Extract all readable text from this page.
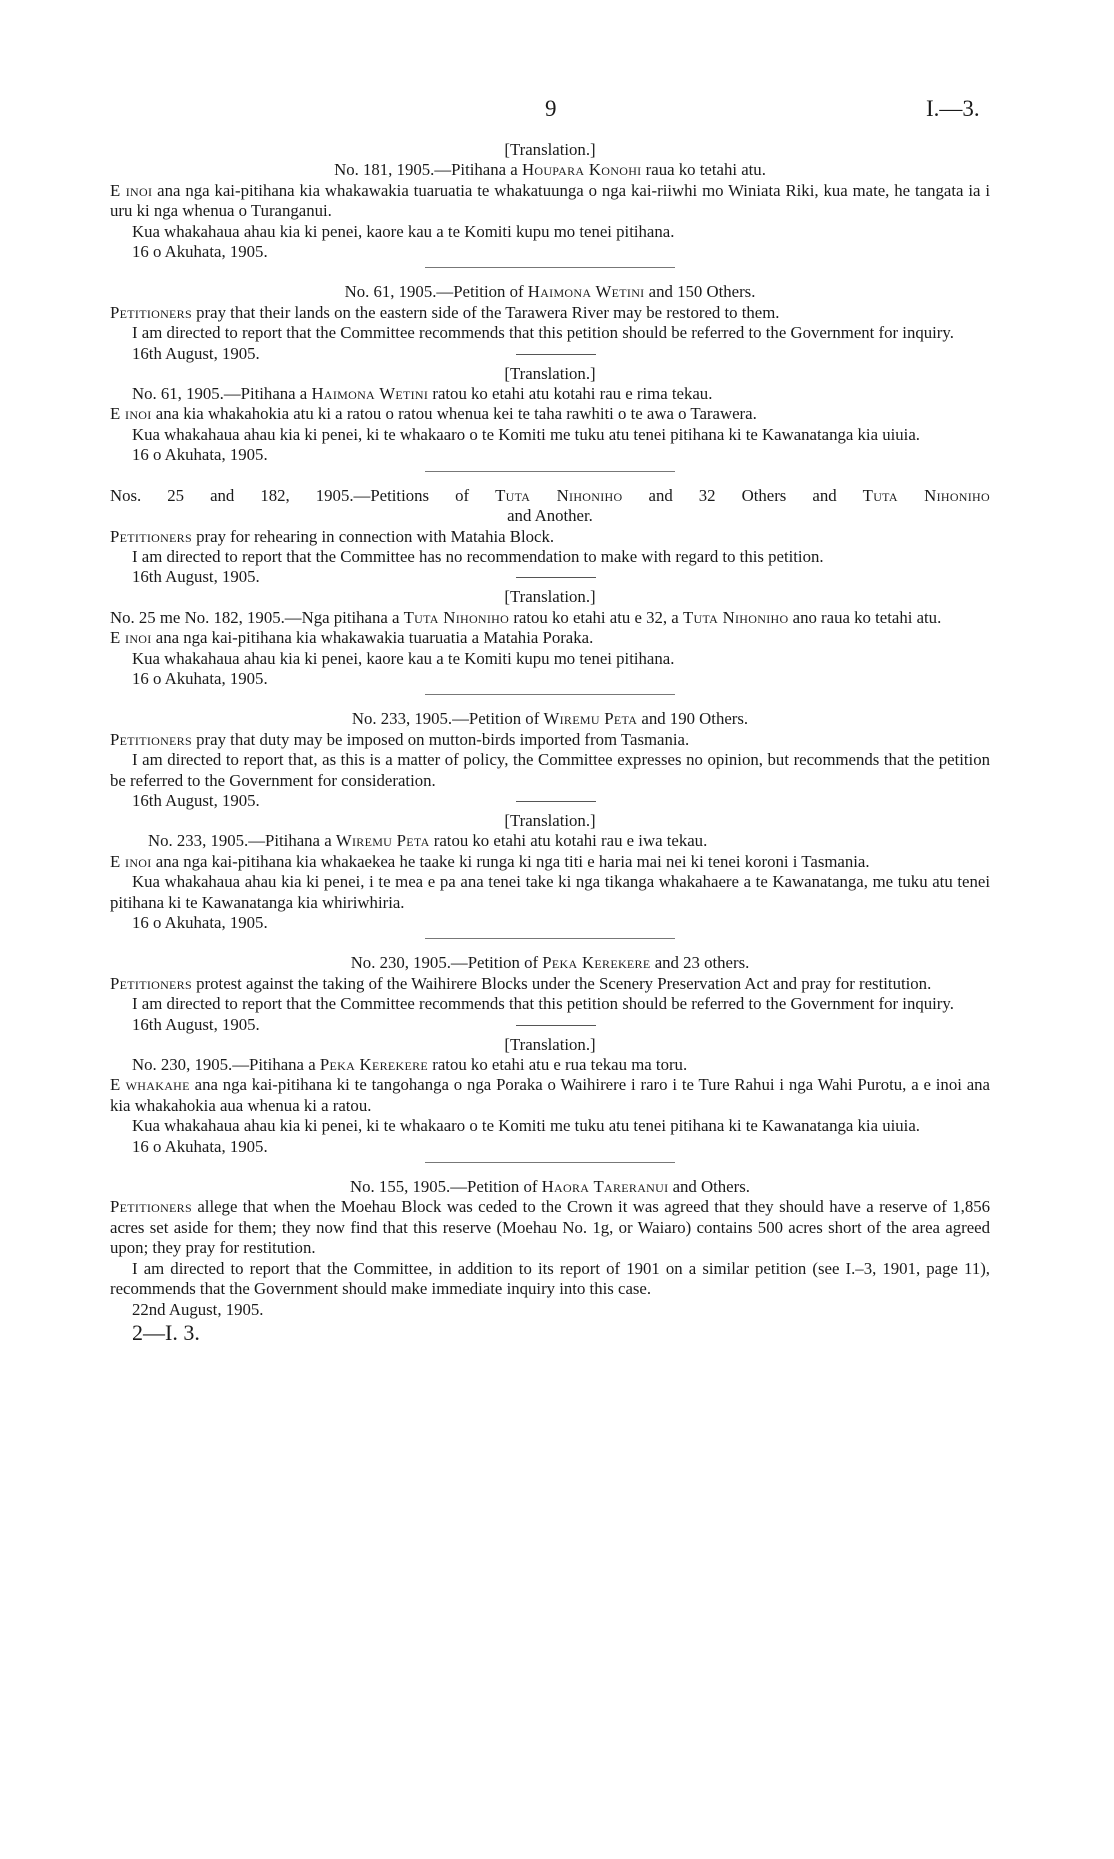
9	I.—3.

[Translation.]

No. 181, 1905.—Pitihana a Houpara Konohi raua ko tetahi atu.

E inoi ana nga kai-pitihana kia whakawakia tuaruatia te whakatuunga o nga kai-riiwhi mo Winiata Riki, kua mate, he tangata ia i uru ki nga whenua o Turanganui.

Kua whakahaua ahau kia ki penei, kaore kau a te Komiti kupu mo tenei pitihana.

16 o Akuhata, 1905.

No. 61, 1905.—Petition of Haimona Wetini and 150 Others.

Petitioners pray that their lands on the eastern side of the Tarawera River may be restored to them.

I am directed to report that the Committee recommends that this petition should be referred to the Government for inquiry.

16th August, 1905.

[Translation.]

No. 61, 1905.—Pitihana a Haimona Wetini ratou ko etahi atu kotahi rau e rima tekau.

E inoi ana kia whakahokia atu ki a ratou o ratou whenua kei te taha rawhiti o te awa o Tarawera.

Kua whakahaua ahau kia ki penei, ki te whakaaro o te Komiti me tuku atu tenei pitihana ki te Kawanatanga kia uiuia.

16 o Akuhata, 1905.

Nos. 25 and 182, 1905.—Petitions of Tuta Nihoniho and 32 Others and Tuta Nihoniho

and Another.

Petitioners pray for rehearing in connection with Matahia Block.

I am directed to report that the Committee has no recommendation to make with regard to this petition.

16th August, 1905.

[Translation.]

No. 25 me No. 182, 1905.—Nga pitihana a Tuta Nihoniho ratou ko etahi atu e 32, a Tuta Nihoniho ano raua ko tetahi atu.

E inoi ana nga kai-pitihana kia whakawakia tuaruatia a Matahia Poraka.

Kua whakahaua ahau kia ki penei, kaore kau a te Komiti kupu mo tenei pitihana.

16 o Akuhata, 1905.

No. 233, 1905.—Petition of Wiremu Peta and 190 Others.

Petitioners pray that duty may be imposed on mutton-birds imported from Tasmania.

I am directed to report that, as this is a matter of policy, the Committee expresses no opinion, but recommends that the petition be referred to the Government for consideration.

16th August, 1905.

[Translation.]

No. 233, 1905.—Pitihana a Wiremu Peta ratou ko etahi atu kotahi rau e iwa tekau.

E inoi ana nga kai-pitihana kia whakaekea he taake ki runga ki nga titi e haria mai nei ki tenei koroni i Tasmania.

Kua whakahaua ahau kia ki penei, i te mea e pa ana tenei take ki nga tikanga whakahaere a te Kawanatanga, me tuku atu tenei pitihana ki te Kawanatanga kia whiriwhiria.

16 o Akuhata, 1905.

No. 230, 1905.—Petition of Peka Kerekere and 23 others.

Petitioners protest against the taking of the Waihirere Blocks under the Scenery Preservation Act and pray for restitution.

I am directed to report that the Committee recommends that this petition should be referred to the Government for inquiry.

16th August, 1905.

[Translation.]

No. 230, 1905.—Pitihana a Peka Kerekere ratou ko etahi atu e rua tekau ma toru.

E whakahe ana nga kai-pitihana ki te tangohanga o nga Poraka o Waihirere i raro i te Ture Rahui i nga Wahi Purotu, a e inoi ana kia whakahokia aua whenua ki a ratou.

Kua whakahaua ahau kia ki penei, ki te whakaaro o te Komiti me tuku atu tenei pitihana ki te Kawanatanga kia uiuia.

16 o Akuhata, 1905.

No. 155, 1905.—Petition of Haora Tareranui and Others.

Petitioners allege that when the Moehau Block was ceded to the Crown it was agreed that they should have a reserve of 1,856 acres set aside for them; they now find that this reserve (Moehau No. 1g, or Waiaro) contains 500 acres short of the area agreed upon; they pray for restitution.

I am directed to report that the Committee, in addition to its report of 1901 on a similar petition (see I.–3, 1901, page 11), recommends that the Government should make immediate inquiry into this case.

22nd August, 1905.

2—I. 3.
